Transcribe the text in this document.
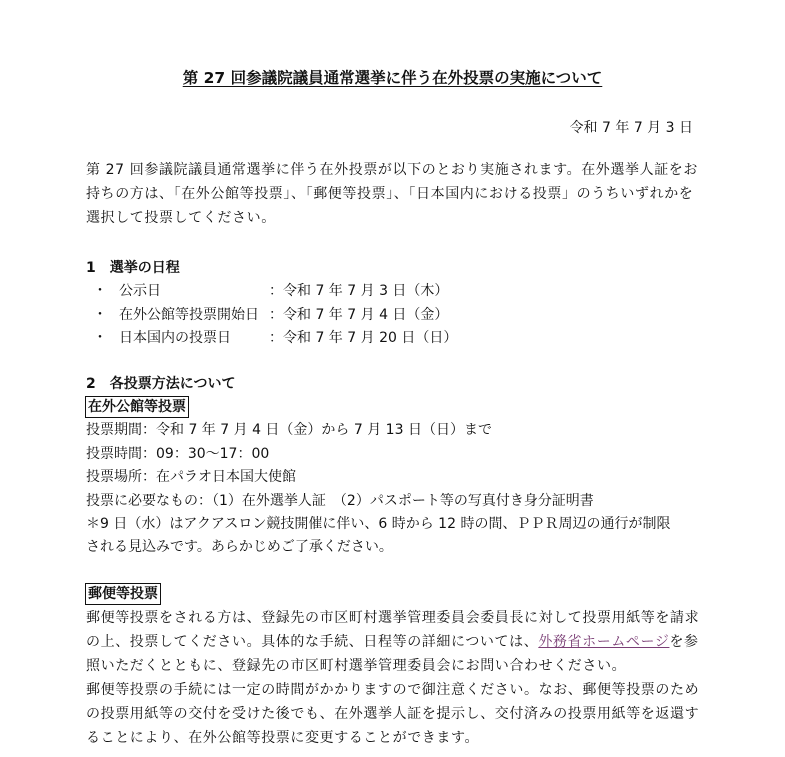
第 27 回参議院議員通常選挙に伴う在外投票の実施について
令和 7 年 7 月 3 日
第 27 回参議院議員通常選挙に伴う在外投票が以下のとおり実施されます。在外選挙人証をお持ちの方は、「在外公館等投票」、「郵便等投票」、「日本国内における投票」のうちいずれかを選択して投票してください。
1　選挙の日程
・ 公示日	：令和 7 年 7 月 3 日（木）
・ 在外公館等投票開始日 ：令和 7 年 7 月 4 日（金）
・ 日本国内の投票日	：令和 7 年 7 月 20 日（日）
2　各投票方法について
在外公館等投票
投票期間：令和 7 年 7 月 4 日（金）から 7 月 13 日（日）まで
投票時間：09：30～17：00
投票場所：在パラオ日本国大使館
投票に必要なもの：（1）在外選挙人証　（2）パスポート等の写真付き身分証明書
＊9 日（水）はアクアスロン競技開催に伴い、6 時から 12 時の間、ＰＰＲ周辺の通行が制限
される見込みです。あらかじめご了承ください。
郵便等投票
郵便等投票をされる方は、登録先の市区町村選挙管理委員会委員長に対して投票用紙等を請求の上、投票してください。具体的な手続、日程等の詳細については、外務省ホームページを参照いただくとともに、登録先の市区町村選挙管理委員会にお問い合わせください。
郵便等投票の手続には一定の時間がかかりますので御注意ください。なお、郵便等投票のための投票用紙等の交付を受けた後でも、在外選挙人証を提示し、交付済みの投票用紙等を返還することにより、在外公館等投票に変更することができます。
